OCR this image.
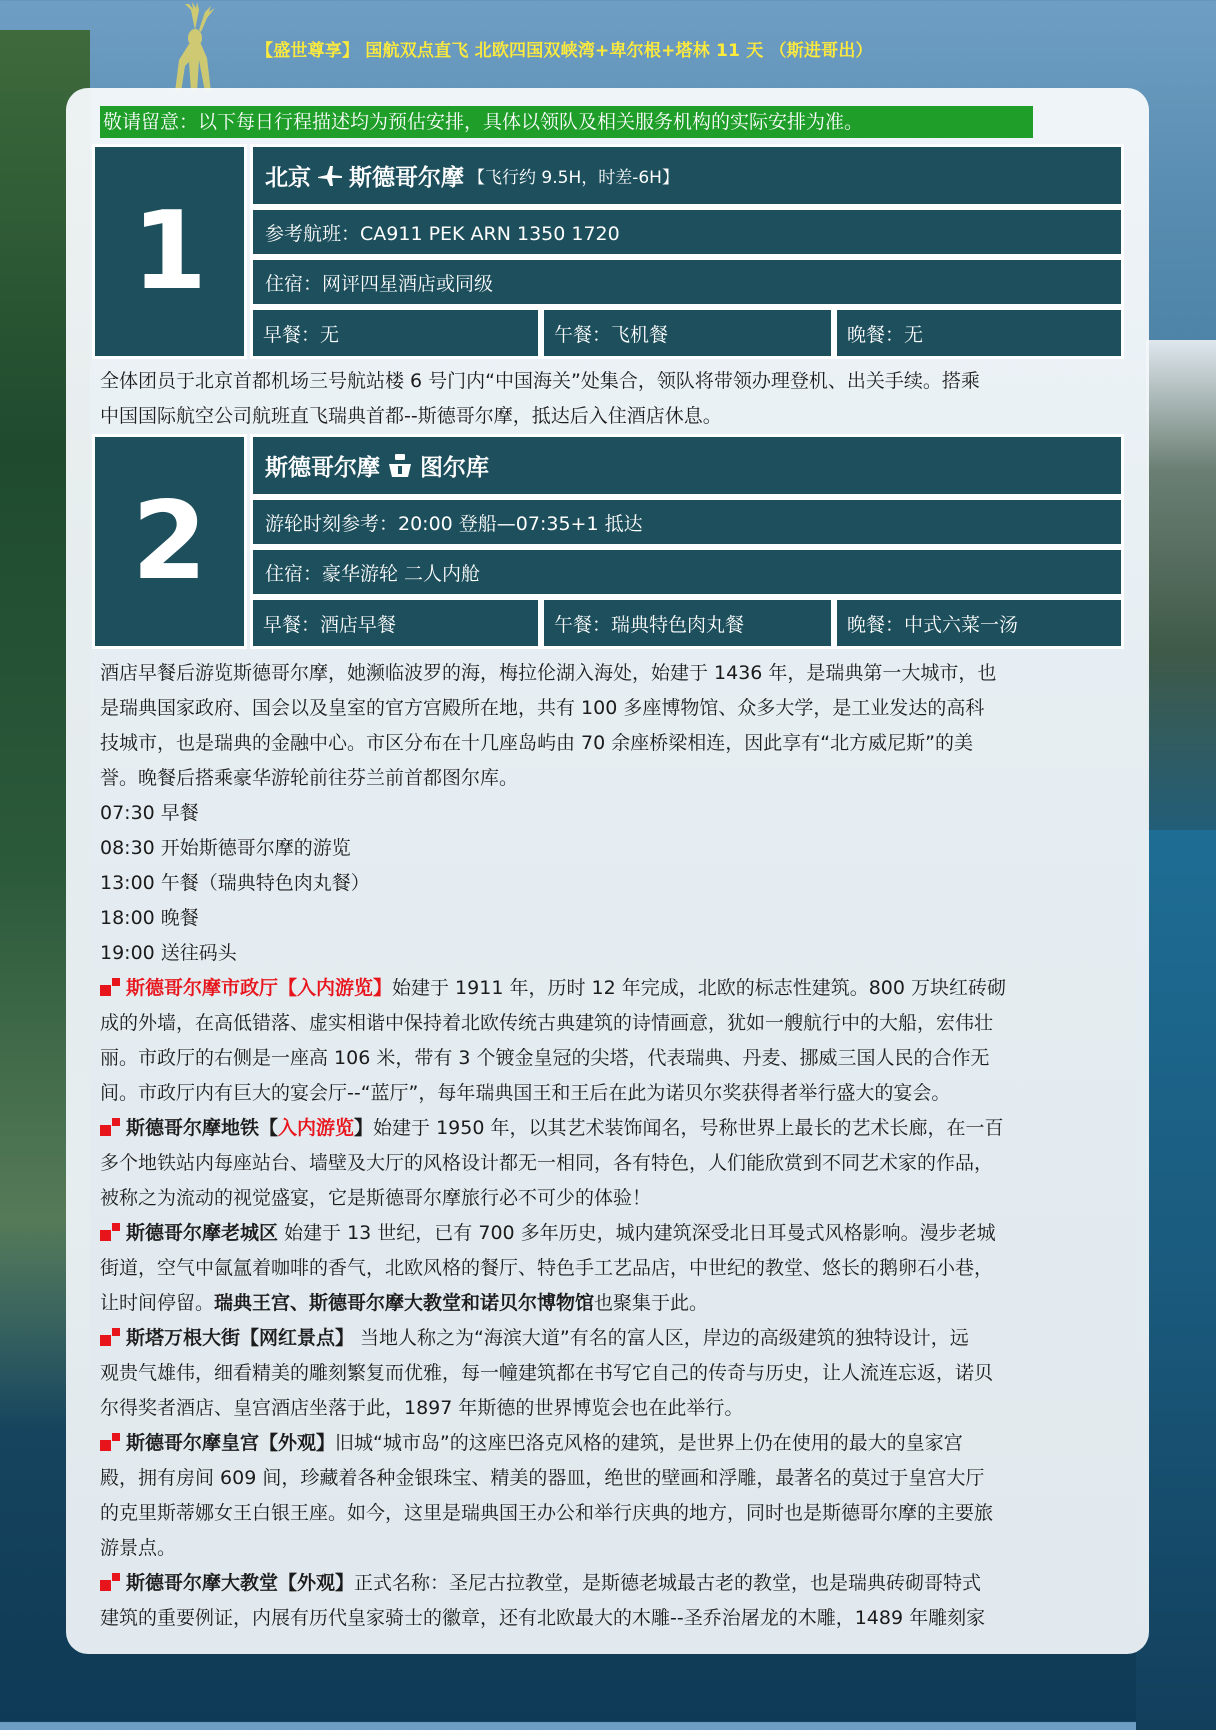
【盛世尊享】 国航双点直飞 北欧四国双峡湾+卑尔根+塔林 11 天 （斯进哥出）
敬请留意：以下每日行程描述均为预估安排，具体以领队及相关服务机构的实际安排为准。
1
北京 斯德哥尔摩 【飞行约 9.5H，时差-6H】
参考航班：CA911 PEK ARN 1350 1720
住宿：网评四星酒店或同级
早餐：无	午餐：飞机餐	晚餐：无
全体团员于北京首都机场三号航站楼 6 号门内“中国海关”处集合，领队将带领办理登机、出关手续。搭乘
中国国际航空公司航班直飞瑞典首都--斯德哥尔摩，抵达后入住酒店休息。
2
斯德哥尔摩 图尔库
游轮时刻参考：20:00 登船—07:35+1 抵达
住宿：豪华游轮 二人内舱
早餐：酒店早餐	午餐：瑞典特色肉丸餐	晚餐：中式六菜一汤
酒店早餐后游览斯德哥尔摩，她濒临波罗的海，梅拉伦湖入海处，始建于 1436 年，是瑞典第一大城市，也
是瑞典国家政府、国会以及皇室的官方宫殿所在地，共有 100 多座博物馆、众多大学，是工业发达的高科
技城市，也是瑞典的金融中心。市区分布在十几座岛屿由 70 余座桥梁相连，因此享有“北方威尼斯”的美
誉。晚餐后搭乘豪华游轮前往芬兰前首都图尔库。
07:30 早餐
08:30 开始斯德哥尔摩的游览
13:00 午餐（瑞典特色肉丸餐）
18:00 晚餐
19:00 送往码头
斯德哥尔摩市政厅【入内游览】始建于 1911 年，历时 12 年完成，北欧的标志性建筑。800 万块红砖砌
成的外墙，在高低错落、虚实相谐中保持着北欧传统古典建筑的诗情画意，犹如一艘航行中的大船，宏伟壮
丽。市政厅的右侧是一座高 106 米，带有 3 个镀金皇冠的尖塔，代表瑞典、丹麦、挪威三国人民的合作无
间。市政厅内有巨大的宴会厅--“蓝厅”，每年瑞典国王和王后在此为诺贝尔奖获得者举行盛大的宴会。
斯德哥尔摩地铁【入内游览】始建于 1950 年，以其艺术装饰闻名，号称世界上最长的艺术长廊，在一百
多个地铁站内每座站台、墙壁及大厅的风格设计都无一相同，各有特色，人们能欣赏到不同艺术家的作品，
被称之为流动的视觉盛宴，它是斯德哥尔摩旅行必不可少的体验！
斯德哥尔摩老城区 始建于 13 世纪，已有 700 多年历史，城内建筑深受北日耳曼式风格影响。漫步老城
街道，空气中氤氲着咖啡的香气，北欧风格的餐厅、特色手工艺品店，中世纪的教堂、悠长的鹅卵石小巷，
让时间停留。瑞典王宫、斯德哥尔摩大教堂和诺贝尔博物馆也聚集于此。
斯塔万根大街【网红景点】 当地人称之为“海滨大道”有名的富人区，岸边的高级建筑的独特设计，远
观贵气雄伟，细看精美的雕刻繁复而优雅，每一幢建筑都在书写它自己的传奇与历史，让人流连忘返，诺贝
尔得奖者酒店、皇宫酒店坐落于此，1897 年斯德的世界博览会也在此举行。
斯德哥尔摩皇宫【外观】旧城“城市岛”的这座巴洛克风格的建筑，是世界上仍在使用的最大的皇家宫
殿，拥有房间 609 间，珍藏着各种金银珠宝、精美的器皿，绝世的壁画和浮雕，最著名的莫过于皇宫大厅
的克里斯蒂娜女王白银王座。如今，这里是瑞典国王办公和举行庆典的地方，同时也是斯德哥尔摩的主要旅
游景点。
斯德哥尔摩大教堂【外观】正式名称：圣尼古拉教堂，是斯德老城最古老的教堂，也是瑞典砖砌哥特式
建筑的重要例证，内展有历代皇家骑士的徽章，还有北欧最大的木雕--圣乔治屠龙的木雕，1489 年雕刻家
